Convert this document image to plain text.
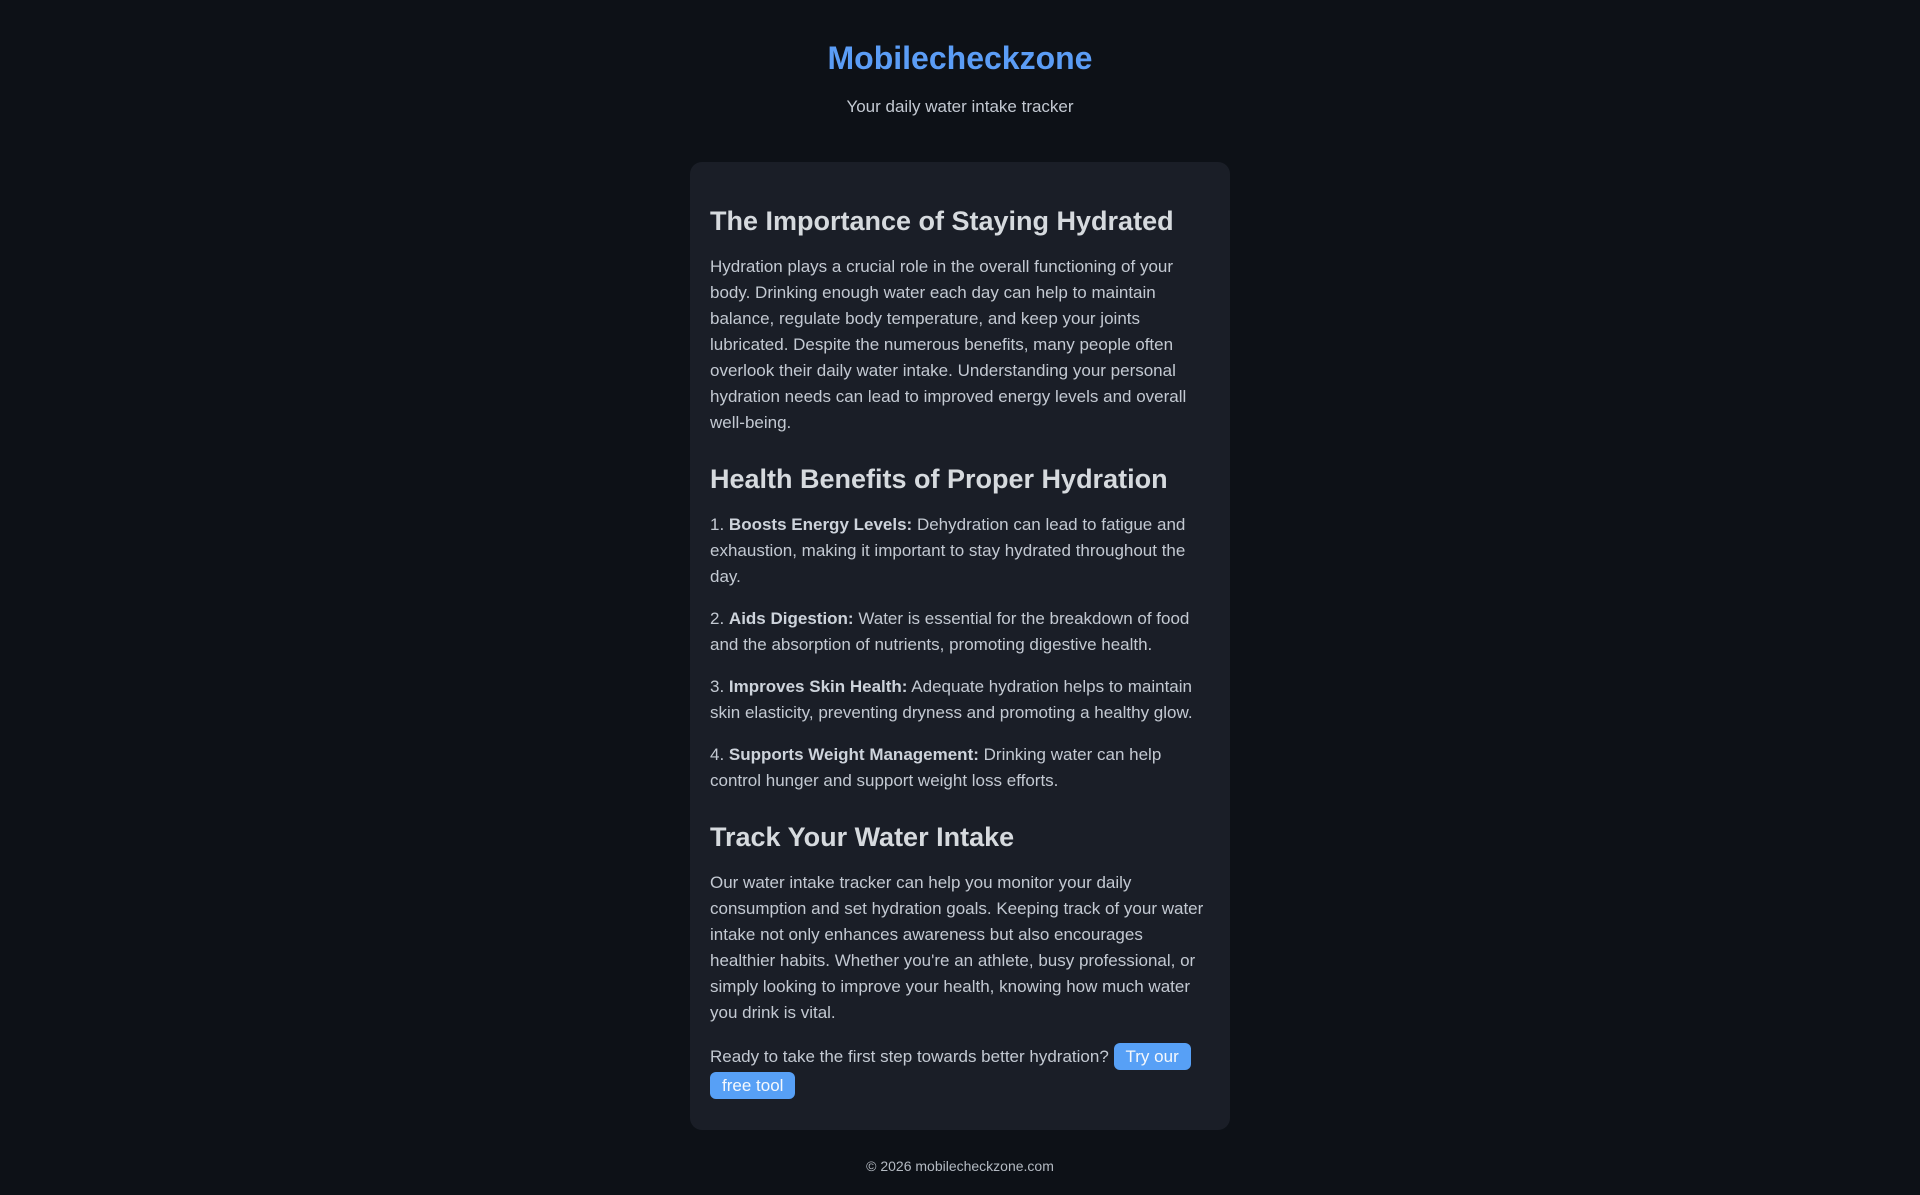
Mobilecheckzone

Your daily water intake tracker

The Importance of Staying Hydrated

Hydration plays a crucial role in the overall functioning of your body. Drinking enough water each day can help to maintain balance, regulate body temperature, and keep your joints lubricated. Despite the numerous benefits, many people often overlook their daily water intake. Understanding your personal hydration needs can lead to improved energy levels and overall well-being.

Health Benefits of Proper Hydration

1. Boosts Energy Levels: Dehydration can lead to fatigue and exhaustion, making it important to stay hydrated throughout the day.

2. Aids Digestion: Water is essential for the breakdown of food and the absorption of nutrients, promoting digestive health.

3. Improves Skin Health: Adequate hydration helps to maintain skin elasticity, preventing dryness and promoting a healthy glow.

4. Supports Weight Management: Drinking water can help control hunger and support weight loss efforts.

Track Your Water Intake

Our water intake tracker can help you monitor your daily consumption and set hydration goals. Keeping track of your water intake not only enhances awareness but also encourages healthier habits. Whether you're an athlete, busy professional, or simply looking to improve your health, knowing how much water you drink is vital.

Ready to take the first step towards better hydration? Try our free tool

© 2026 mobilecheckzone.com
